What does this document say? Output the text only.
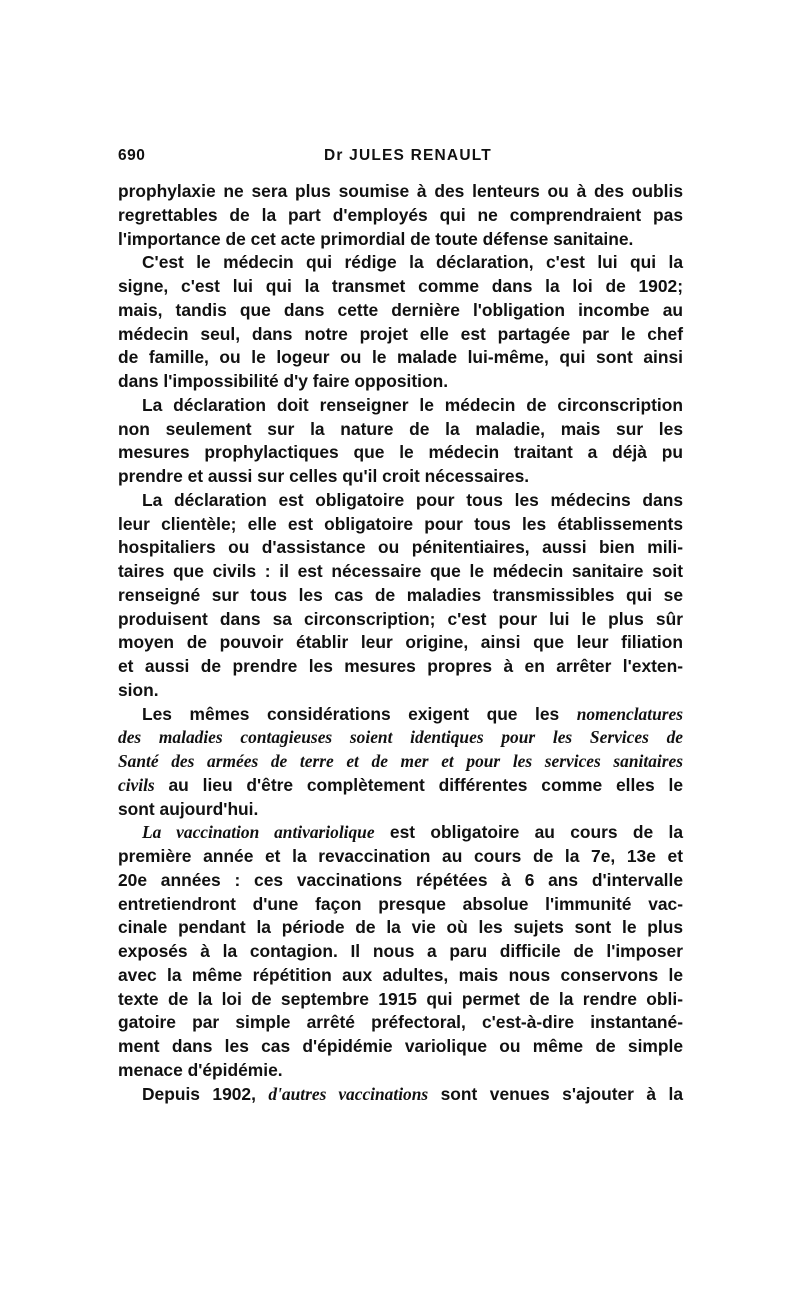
690	Dr JULES RENAULT
prophylaxie ne sera plus soumise à des lenteurs ou à des oublis
regrettables de la part d'employés qui ne comprendraient pas
l'importance de cet acte primordial de toute défense sanitaine.
C'est le médecin qui rédige la déclaration, c'est lui qui la
signe, c'est lui qui la transmet comme dans la loi de 1902;
mais, tandis que dans cette dernière l'obligation incombe au
médecin seul, dans notre projet elle est partagée par le chef
de famille, ou le logeur ou le malade lui-même, qui sont ainsi
dans l'impossibilité d'y faire opposition.
La déclaration doit renseigner le médecin de circonscription
non seulement sur la nature de la maladie, mais sur les
mesures prophylactiques que le médecin traitant a déjà pu
prendre et aussi sur celles qu'il croit nécessaires.
La déclaration est obligatoire pour tous les médecins dans
leur clientèle; elle est obligatoire pour tous les établissements
hospitaliers ou d'assistance ou pénitentiaires, aussi bien mili-
taires que civils : il est nécessaire que le médecin sanitaire soit
renseigné sur tous les cas de maladies transmissibles qui se
produisent dans sa circonscription; c'est pour lui le plus sûr
moyen de pouvoir établir leur origine, ainsi que leur filiation
et aussi de prendre les mesures propres à en arrêter l'exten-
sion.
Les mêmes considérations exigent que les nomenclatures
des maladies contagieuses soient identiques pour les Services de
Santé des armées de terre et de mer et pour les services sanitaires
civils au lieu d'être complètement différentes comme elles le
sont aujourd'hui.
La vaccination antivariolique est obligatoire au cours de la
première année et la revaccination au cours de la 7e, 13e et
20e années : ces vaccinations répétées à 6 ans d'intervalle
entretiendront d'une façon presque absolue l'immunité vac-
cinale pendant la période de la vie où les sujets sont le plus
exposés à la contagion. Il nous a paru difficile de l'imposer
avec la même répétition aux adultes, mais nous conservons le
texte de la loi de septembre 1915 qui permet de la rendre obli-
gatoire par simple arrêté préfectoral, c'est-à-dire instantané-
ment dans les cas d'épidémie variolique ou même de simple
menace d'épidémie.
Depuis 1902, d'autres vaccinations sont venues s'ajouter à la
